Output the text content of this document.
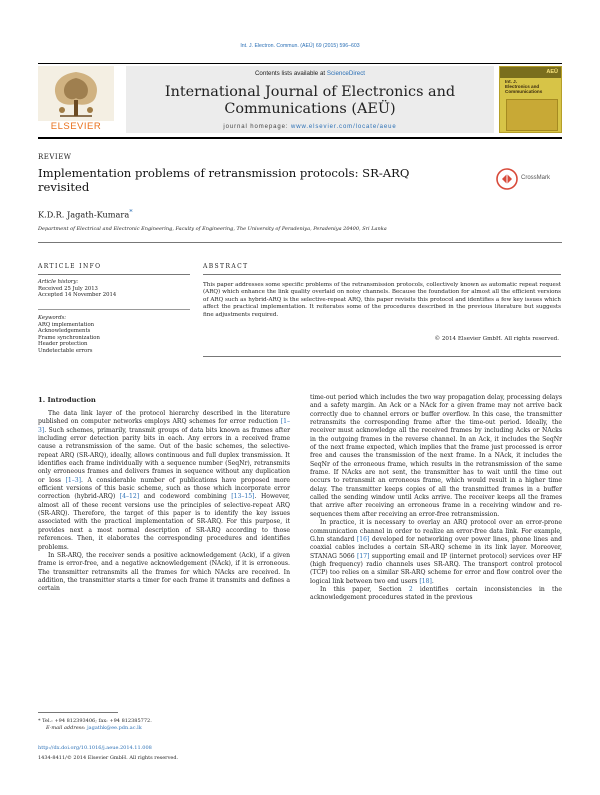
Int. J. Electron. Commun. (AEÜ) 69 (2015) 596–603
ELSEVIER
Contents lists available at ScienceDirect
International Journal of Electronics and
Communications (AEÜ)
journal homepage: www.elsevier.com/locate/aeue
Int. J.
Electronics and
Communications
AEÜ
REVIEW
Implementation problems of retransmission protocols: SR-ARQ
revisited
CrossMark
K.D.R. Jagath-Kumara*
Department of Electrical and Electronic Engineering, Faculty of Engineering, The University of Peradeniya, Peradeniya 20400, Sri Lanka
ARTICLE INFO
Article history:
Received 25 July 2013
Accepted 14 November 2014
Keywords:
ARQ implementation
Acknowledgements
Frame synchronization
Header protection
Undetectable errors
ABSTRACT
This paper addresses some specific problems of the retransmission protocols, collectively known as automatic repeat request (ARQ) which enhance the link quality overlaid on noisy channels. Because the foundation for almost all the efficient versions of ARQ such as hybrid-ARQ is the selective-repeat ARQ, this paper revisits this protocol and identifies a few key issues which affect the practical implementation. It reiterates some of the procedures described in the previous literature but suggests fine adjustments required.
© 2014 Elsevier GmbH. All rights reserved.
1. Introduction

The data link layer of the protocol hierarchy described in the literature published on computer networks employs ARQ schemes for error reduction [1–3]. Such schemes, primarily, transmit groups of data bits known as frames after including error detection parity bits in each. Any errors in a received frame cause a retransmission of the same. Out of the basic schemes, the selective-repeat ARQ (SR-ARQ), ideally, allows continuous and full duplex transmission. It identifies each frame individually with a sequence number (SeqNr), retransmits only erroneous frames and delivers frames in sequence without any duplication or loss [1–3]. A considerable number of publications have proposed more efficient versions of this basic scheme, such as those which incorporate error correction (hybrid-ARQ) [4–12] and codeword combining [13–15]. However, almost all of these recent versions use the principles of selective-repeat ARQ (SR-ARQ). Therefore, the target of this paper is to identify the key issues associated with the practical implementation of SR-ARQ. For this purpose, it provides next a most normal description of SR-ARQ according to those references. Then, it elaborates the corresponding procedures and identifies problems.

In SR-ARQ, the receiver sends a positive acknowledgement (Ack), if a given frame is error-free, and a negative acknowledgement (NAck), if it is erroneous. The transmitter retransmits all the frames for which NAcks are received. In addition, the transmitter starts a timer for each frame it transmits and defines a certain

time-out period which includes the two way propagation delay, processing delays and a safety margin. An Ack or a NAck for a given frame may not arrive back correctly due to channel errors or buffer overflow. In this case, the transmitter retransmits the corresponding frame after the time-out period. Ideally, the receiver must acknowledge all the received frames by including Acks or NAcks in the outgoing frames in the reverse channel. In an Ack, it includes the SeqNr of the next frame expected, which implies that the frame just processed is error free and causes the transmission of the next frame. In a NAck, it includes the SeqNr of the erroneous frame, which results in the retransmission of the same frame. If NAcks are not sent, the transmitter has to wait until the time out occurs to retransmit an erroneous frame, which would result in a higher time delay. The transmitter keeps copies of all the transmitted frames in a buffer called the sending window until Acks arrive. The receiver keeps all the frames that arrive after receiving an erroneous frame in a receiving window and re-sequences them after receiving an error-free retransmission.

In practice, it is necessary to overlay an ARQ protocol over an error-prone communication channel in order to realize an error-free data link. For example, G.hn standard [16] developed for networking over power lines, phone lines and coaxial cables includes a certain SR-ARQ scheme in its link layer. Moreover, STANAG 5066 [17] supporting email and IP (internet protocol) services over HF (high frequency) radio channels uses SR-ARQ. The transport control protocol (TCP) too relies on a similar SR-ARQ scheme for error and flow control over the logical link between two end users [18].

In this paper, Section 2 identifies certain inconsistencies in the acknowledgement procedures stated in the previous

* Tel.: +94 812393406; fax: +94 812385772.
E-mail address: jagathk@ee.pdn.ac.lk
http://dx.doi.org/10.1016/j.aeue.2014.11.008
1434-8411/© 2014 Elsevier GmbH. All rights reserved.
